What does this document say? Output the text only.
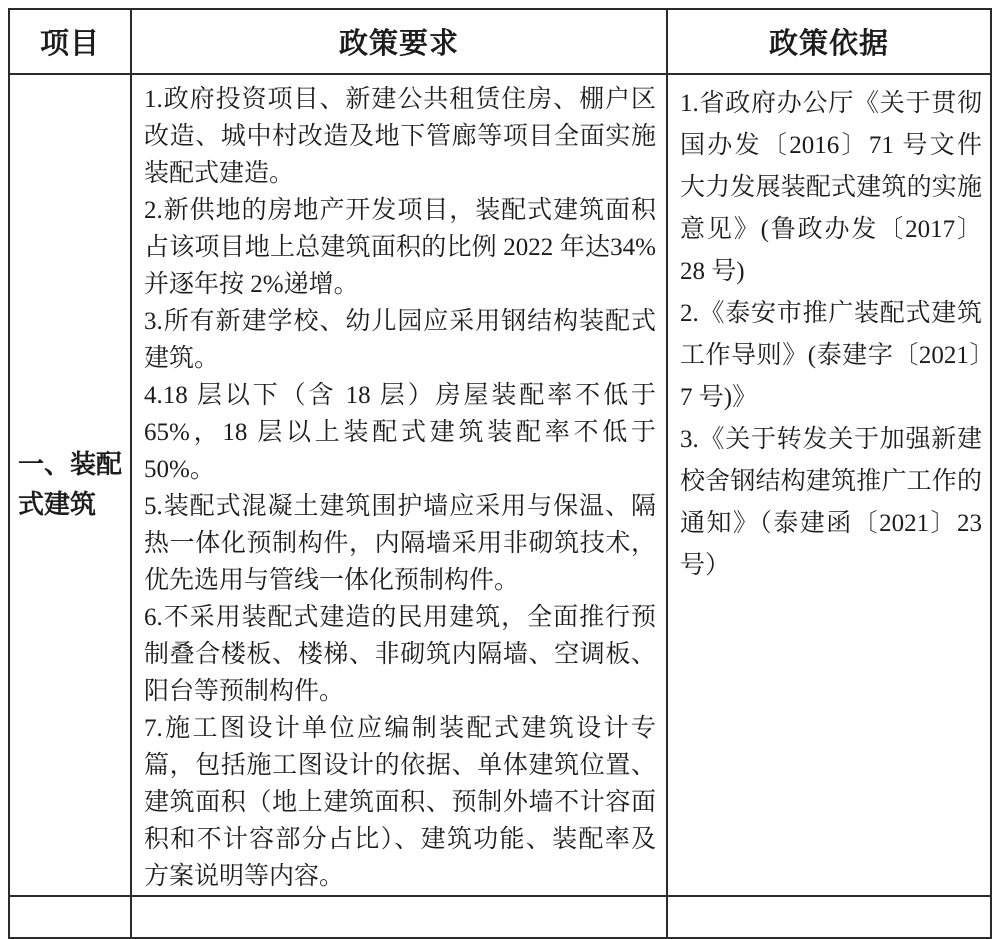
项目	政策要求	政策依据
一、装配式建筑

1.政府投资项目、新建公共租赁住房、棚户区改造、城中村改造及地下管廊等项目全面实施装配式建造。

2.新供地的房地产开发项目，装配式建筑面积占该项目地上总建筑面积的比例 2022 年达34%并逐年按 2%递增。

3.所有新建学校、幼儿园应采用钢结构装配式建筑。

4.18 层以下（含 18 层）房屋装配率不低于65%，18 层以上装配式建筑装配率不低于50%。

5.装配式混凝土建筑围护墙应采用与保温、隔热一体化预制构件，内隔墙采用非砌筑技术，优先选用与管线一体化预制构件。

6.不采用装配式建造的民用建筑，全面推行预制叠合楼板、楼梯、非砌筑内隔墙、空调板、阳台等预制构件。

7.施工图设计单位应编制装配式建筑设计专篇，包括施工图设计的依据、单体建筑位置、建筑面积（地上建筑面积、预制外墙不计容面积和不计容部分占比）、建筑功能、装配率及方案说明等内容。

1.省政府办公厅《关于贯彻国办发〔2016〕71 号文件大力发展装配式建筑的实施意见》(鲁政办发〔2017〕28 号)

2.《泰安市推广装配式建筑工作导则》(泰建字〔2021〕7 号)》

3.《关于转发关于加强新建校舍钢结构建筑推广工作的通知》（泰建函〔2021〕23 号）
